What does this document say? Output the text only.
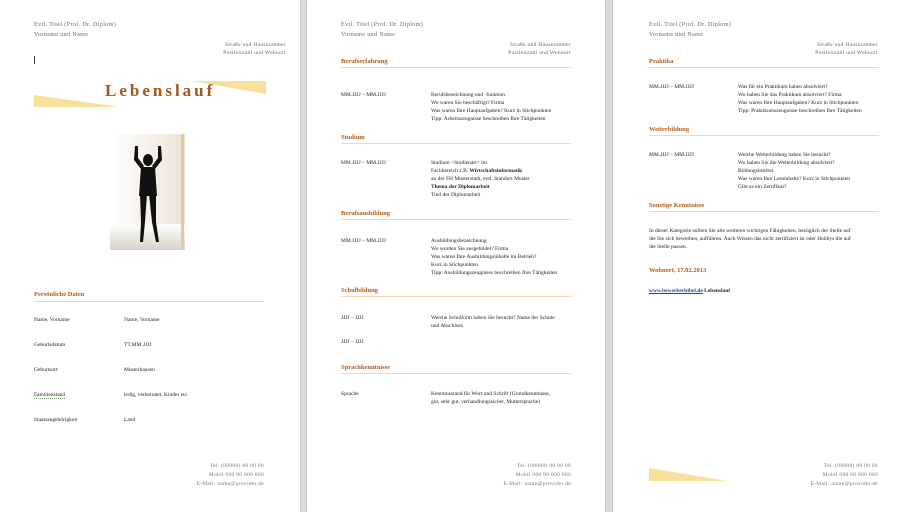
Evtl. Titel (Prof. Dr. Diplom)
Vorname und Name
Straße und Hausnummer
Postleitzahl und Wohnort
Lebenslauf
Persönliche Daten
Name, Vorname	Name, Vorname
Geburtsdatum	TT.MM.JJJJ
Geburtsort	Musterhausen
Familienstand	ledig, verheiratet, Kinder etc.
Staatsangehörigkeit	Land
Tel. (00000) 00 00 00
Mobil 000 00 000 000
E-Mail: name@provider.de
Evtl. Titel (Prof. Dr. Diplom)
Vorname und Name
Straße und Hausnummer
Postleitzahl und Wohnort
Berufserfahrung
MM.JJJJ – MM.JJJJ	Berufsbezeichnung und -funktion
Wo waren Sie beschäftigt? Firma
Was waren Ihre Hauptaufgaben? Kurz in Stichpunkten
Tipp: Arbeitszeugnisse beschreiben Ihre Tätigkeiten
Studium
MM.JJJJ – MM.JJJJ	Studium <Studienart> im
Fachbereich z.B. Wirtschaftsinformatik
an der FH Musterstadt, evtl. Standort Muster
Thema der Diplomarbeit
Titel der Diplomarbeit
Berufsausbildung
MM.JJJJ – MM.JJJJ	Ausbildungsbezeichnung
Wo wurden Sie ausgebildet? Firma
Was waren Ihre Ausbildungsinhalte im Betrieb?
Kurz in Stichpunkten
Tipp: Ausbildungszeugnisse beschreiben Ihre Tätigkeiten
Schulbildung
JJJJ – JJJJ	Welche Schulform haben Sie besucht? Name der Schule
und Abschluss
JJJJ – JJJJ
Sprachkenntnisse
Sprache	Kenntnisstand für Wort und Schrift (Grundkenntnisse,
gut, sehr gut, verhandlungssicher, Muttersprache)
Tel. (00000) 00 00 00
Mobil 000 00 000 000
E-Mail: name@provider.de
Evtl. Titel (Prof. Dr. Diplom)
Vorname und Name
Straße und Hausnummer
Postleitzahl und Wohnort
Praktika
MM.JJJJ – MM.JJJJ	Was für ein Praktikum haben absolviert?
Wo haben Sie das Praktikum absolviert? Firma
Was waren Ihre Hauptaufgaben? Kurz in Stichpunkten
Tipp: Praktikumszeugnisse beschreiben Ihre Tätigkeiten
Weiterbildung
MM.JJJJ – MM.JJJJ	Welche Weiterbildung haben Sie besucht?
Wo haben Sie die Weiterbildung absolviert?
Bildungsinstitut
Was waren Ihre Lerninhalte? Kurz in Stichpunkten
Gibt es ein Zertifikat?
Sonstige Kenntnisse
In dieser Kategorie sollten Sie alle weiteren wichtigen Fähigkeiten, bezüglich der Stelle auf
die Sie sich bewerben, aufführen. Auch Wissen das nicht zertifiziert ist oder Hobbys die auf
die Stelle passen.
Wohnort, 17.02.2013
www.bewerberbibel.de Lebenslauf
Tel. (00000) 00 00 00
Mobil 000 00 000 000
E-Mail: name@provider.de
